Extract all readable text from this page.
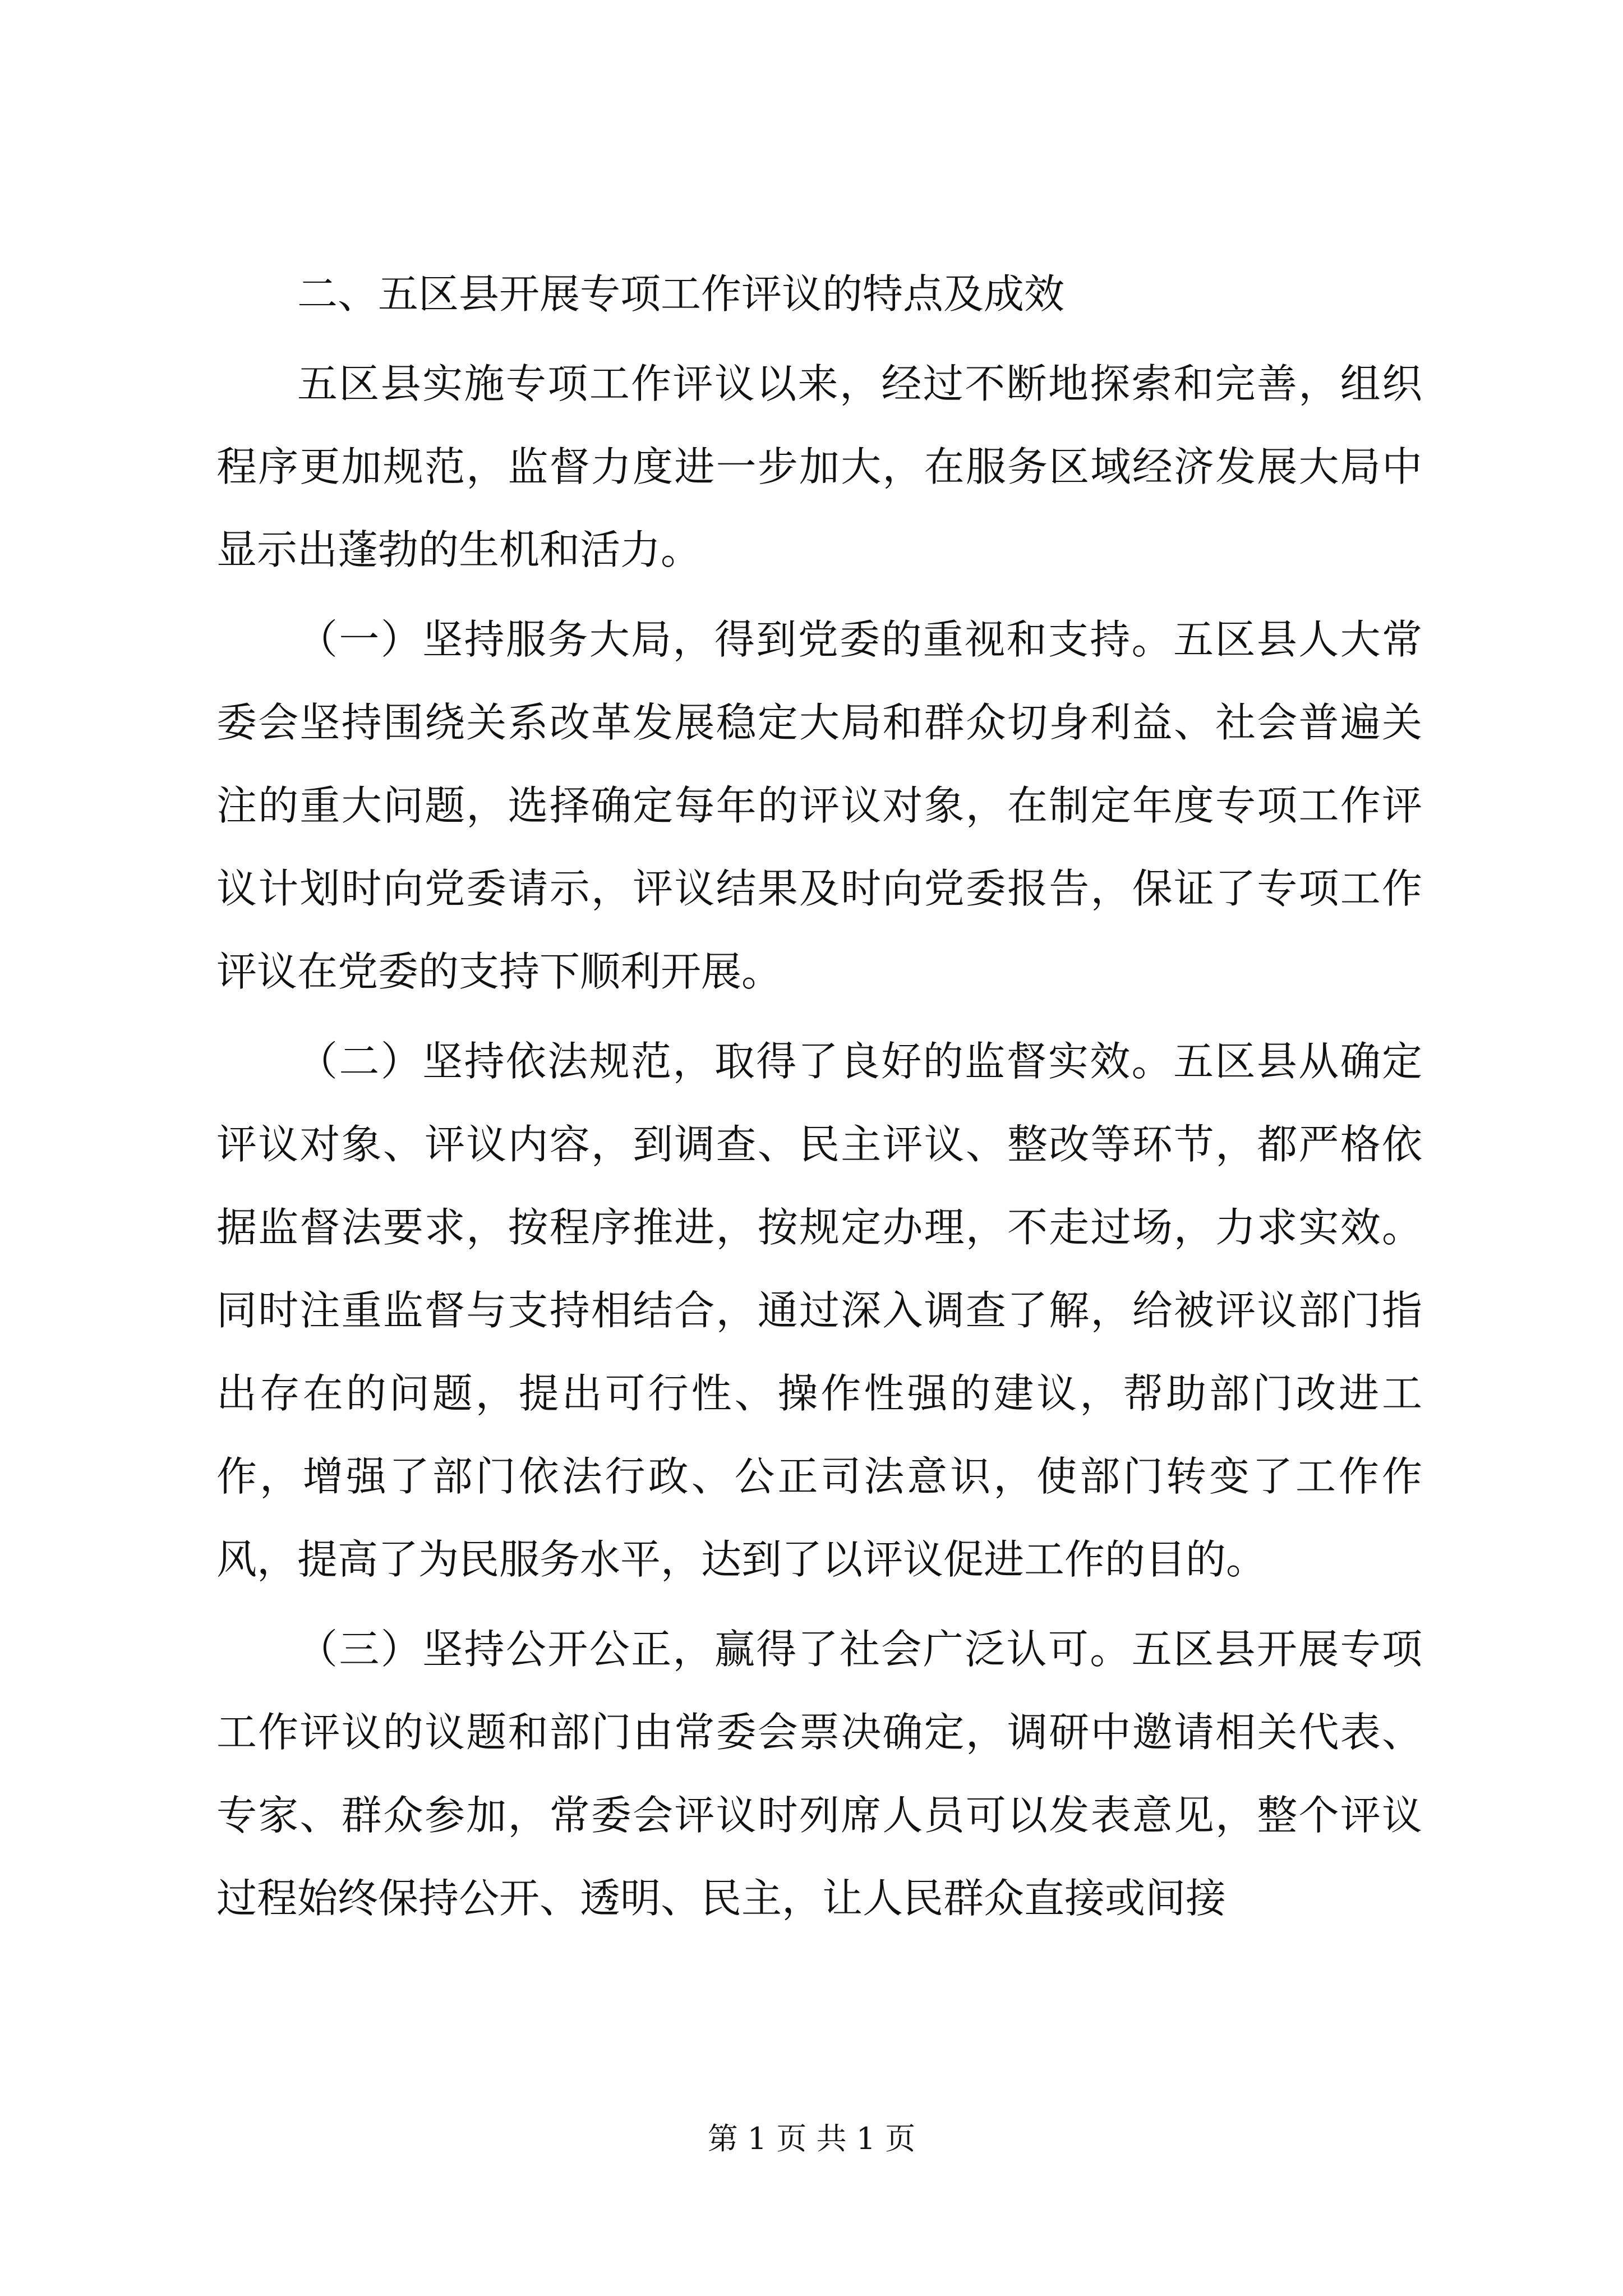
二、五区县开展专项工作评议的特点及成效

五区县实施专项工作评议以来，经过不断地探索和完善，组织程序更加规范，监督力度进一步加大，在服务区域经济发展大局中显示出蓬勃的生机和活力。

（一）坚持服务大局，得到党委的重视和支持。五区县人大常委会坚持围绕关系改革发展稳定大局和群众切身利益、社会普遍关注的重大问题，选择确定每年的评议对象，在制定年度专项工作评议计划时向党委请示，评议结果及时向党委报告，保证了专项工作评议在党委的支持下顺利开展。

（二）坚持依法规范，取得了良好的监督实效。五区县从确定评议对象、评议内容，到调查、民主评议、整改等环节，都严格依据监督法要求，按程序推进，按规定办理，不走过场，力求实效。同时注重监督与支持相结合，通过深入调查了解，给被评议部门指出存在的问题，提出可行性、操作性强的建议，帮助部门改进工作，增强了部门依法行政、公正司法意识，使部门转变了工作作风，提高了为民服务水平，达到了以评议促进工作的目的。

（三）坚持公开公正，赢得了社会广泛认可。五区县开展专项工作评议的议题和部门由常委会票决确定，调研中邀请相关代表、专家、群众参加，常委会评议时列席人员可以发表意见，整个评议过程始终保持公开、透明、民主，让人民群众直接或间接

第 1 页 共 1 页
